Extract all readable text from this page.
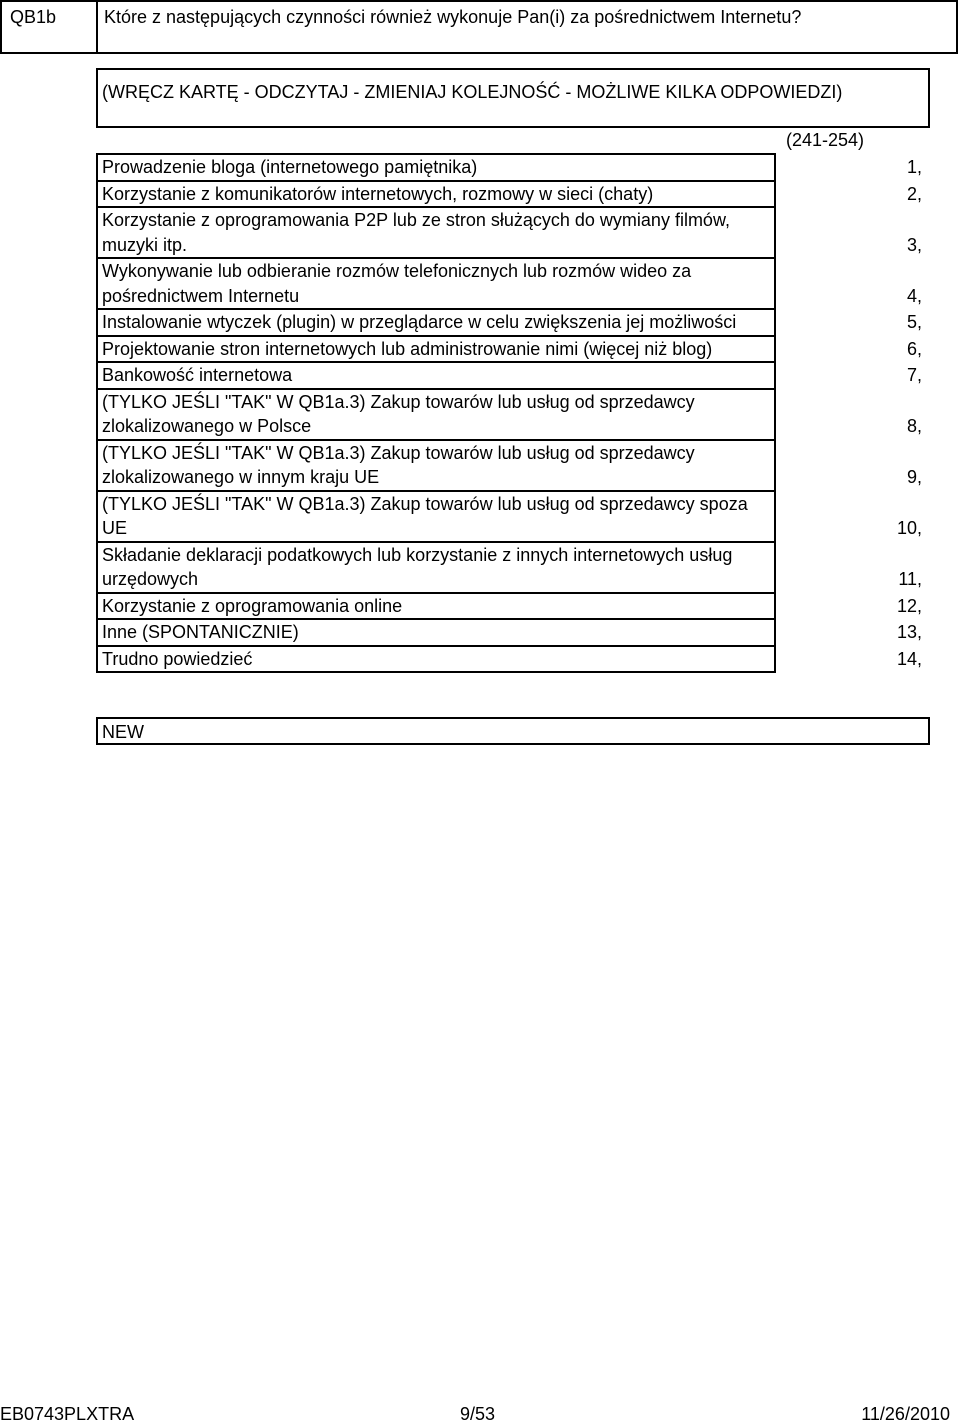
QB1b	Które z następujących czynności również wykonuje Pan(i) za pośrednictwem Internetu?
(WRĘCZ KARTĘ - ODCZYTAJ - ZMIENIAJ KOLEJNOŚĆ - MOŻLIWE KILKA ODPOWIEDZI)
(241-254)
Prowadzenie bloga (internetowego pamiętnika)	1,
Korzystanie z komunikatorów internetowych, rozmowy w sieci (chaty)	2,
Korzystanie z oprogramowania P2P lub ze stron służących do wymiany filmów, muzyki itp.	3,
Wykonywanie lub odbieranie rozmów telefonicznych lub rozmów wideo za pośrednictwem Internetu	4,
Instalowanie wtyczek (plugin) w przeglądarce w celu zwiększenia jej możliwości	5,
Projektowanie stron internetowych lub administrowanie nimi (więcej niż blog)	6,
Bankowość internetowa	7,
(TYLKO JEŚLI "TAK" W QB1a.3) Zakup towarów lub usług od sprzedawcy zlokalizowanego w Polsce	8,
(TYLKO JEŚLI "TAK" W QB1a.3) Zakup towarów lub usług od sprzedawcy zlokalizowanego w innym kraju UE	9,
(TYLKO JEŚLI "TAK" W QB1a.3) Zakup towarów lub usług od sprzedawcy spoza UE	10,
Składanie deklaracji podatkowych lub korzystanie z innych internetowych usług urzędowych	11,
Korzystanie z oprogramowania online	12,
Inne (SPONTANICZNIE)	13,
Trudno powiedzieć	14,
NEW
EB0743PLXTRA	9/53	11/26/2010
